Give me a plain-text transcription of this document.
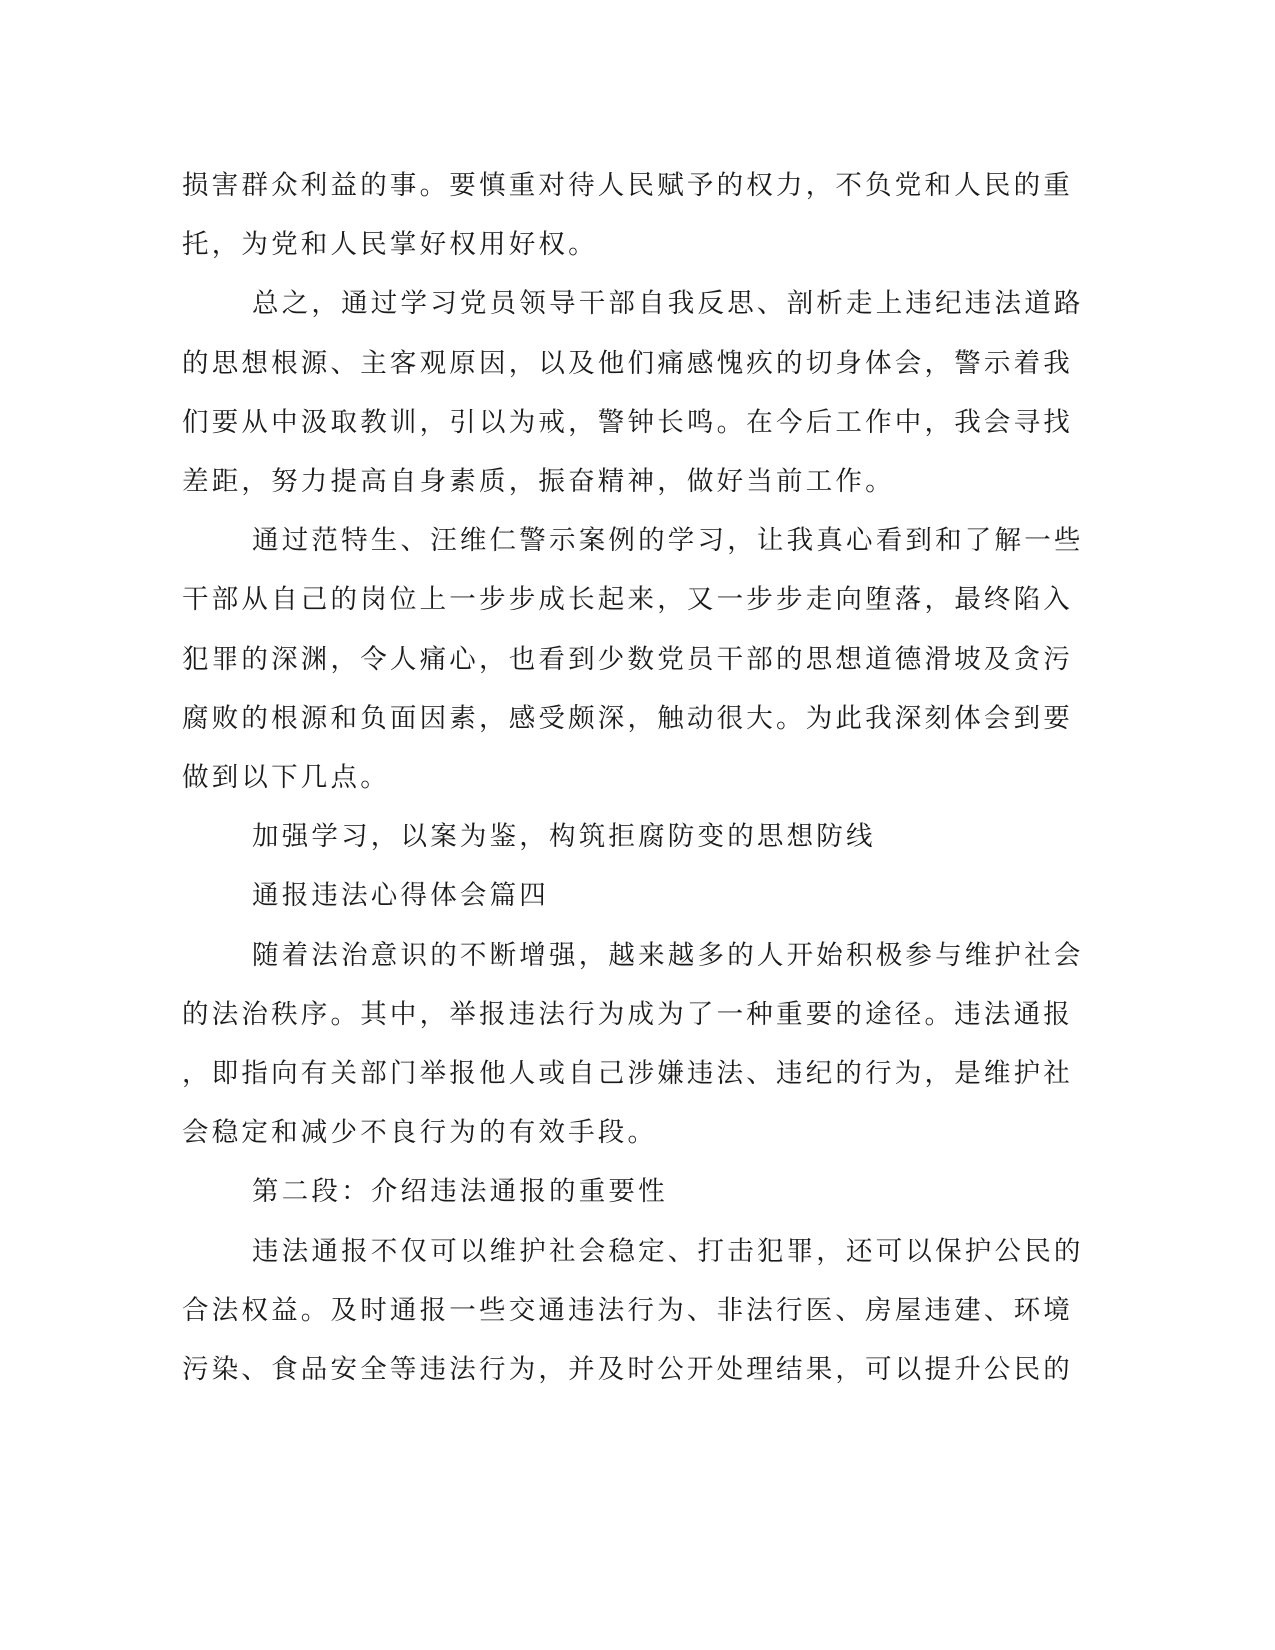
损害群众利益的事。要慎重对待人民赋予的权力，不负党和人民的重
托，为党和人民掌好权用好权。

总之，通过学习党员领导干部自我反思、剖析走上违纪违法道路
的思想根源、主客观原因，以及他们痛感愧疚的切身体会，警示着我
们要从中汲取教训，引以为戒，警钟长鸣。在今后工作中，我会寻找
差距，努力提高自身素质，振奋精神，做好当前工作。

通过范特生、汪维仁警示案例的学习，让我真心看到和了解一些
干部从自己的岗位上一步步成长起来，又一步步走向堕落，最终陷入
犯罪的深渊，令人痛心，也看到少数党员干部的思想道德滑坡及贪污
腐败的根源和负面因素，感受颇深，触动很大。为此我深刻体会到要
做到以下几点。

加强学习，以案为鉴，构筑拒腐防变的思想防线

通报违法心得体会篇四

随着法治意识的不断增强，越来越多的人开始积极参与维护社会
的法治秩序。其中，举报违法行为成为了一种重要的途径。违法通报
，即指向有关部门举报他人或自己涉嫌违法、违纪的行为，是维护社
会稳定和减少不良行为的有效手段。

第二段：介绍违法通报的重要性

违法通报不仅可以维护社会稳定、打击犯罪，还可以保护公民的
合法权益。及时通报一些交通违法行为、非法行医、房屋违建、环境
污染、食品安全等违法行为，并及时公开处理结果，可以提升公民的
